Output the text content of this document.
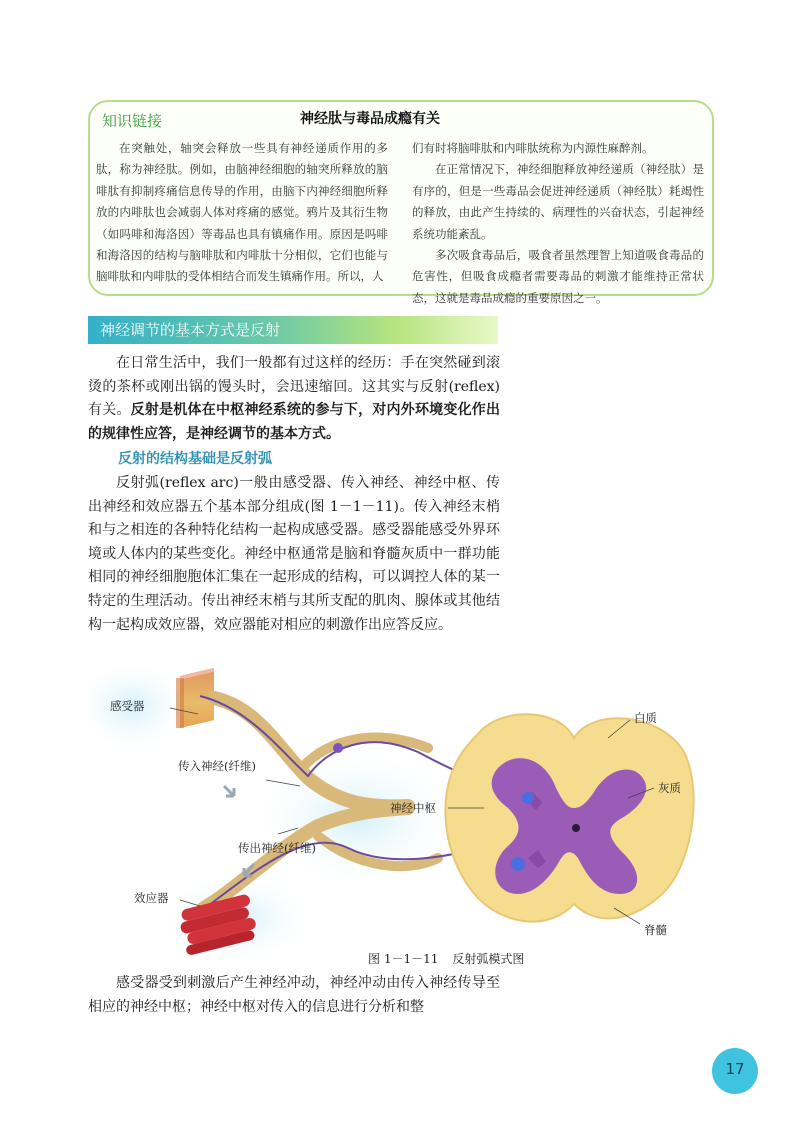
知识链接	神经肽与毒品成瘾有关

在突触处，轴突会释放一些具有神经递质作用的多肽，称为神经肽。例如，由脑神经细胞的轴突所释放的脑啡肽有抑制疼痛信息传导的作用，由脑下内神经细胞所释放的内啡肽也会减弱人体对疼痛的感觉。鸦片及其衍生物（如吗啡和海洛因）等毒品也具有镇痛作用。原因是吗啡和海洛因的结构与脑啡肽和内啡肽十分相似，它们也能与脑啡肽和内啡肽的受体相结合而发生镇痛作用。所以，人

们有时将脑啡肽和内啡肽统称为内源性麻醉剂。

在正常情况下，神经细胞释放神经递质（神经肽）是有序的，但是一些毒品会促进神经递质（神经肽）耗竭性的释放，由此产生持续的、病理性的兴奋状态，引起神经系统功能紊乱。

多次吸食毒品后，吸食者虽然理智上知道吸食毒品的危害性，但吸食成瘾者需要毒品的刺激才能维持正常状态，这就是毒品成瘾的重要原因之一。

神经调节的基本方式是反射

在日常生活中，我们一般都有过这样的经历：手在突然碰到滚烫的茶杯或刚出锅的馒头时，会迅速缩回。这其实与反射(reflex)有关。反射是机体在中枢神经系统的参与下，对内外环境变化作出的规律性应答，是神经调节的基本方式。

反射的结构基础是反射弧

反射弧(reflex arc)一般由感受器、传入神经、神经中枢、传出神经和效应器五个基本部分组成(图 1－1－11)。传入神经末梢和与之相连的各种特化结构一起构成感受器。感受器能感受外界环境或人体内的某些变化。神经中枢通常是脑和脊髓灰质中一群功能相同的神经细胞胞体汇集在一起形成的结构，可以调控人体的某一特定的生理活动。传出神经末梢与其所支配的肌肉、腺体或其他结构一起构成效应器，效应器能对相应的刺激作出应答反应。

感受器
传入神经(纤维)
神经中枢
传出神经(纤维)
效应器
白质
灰质
脊髓
图 1－1－11 反射弧模式图

感受器受到刺激后产生神经冲动，神经冲动由传入神经传导至相应的神经中枢；神经中枢对传入的信息进行分析和整

17
